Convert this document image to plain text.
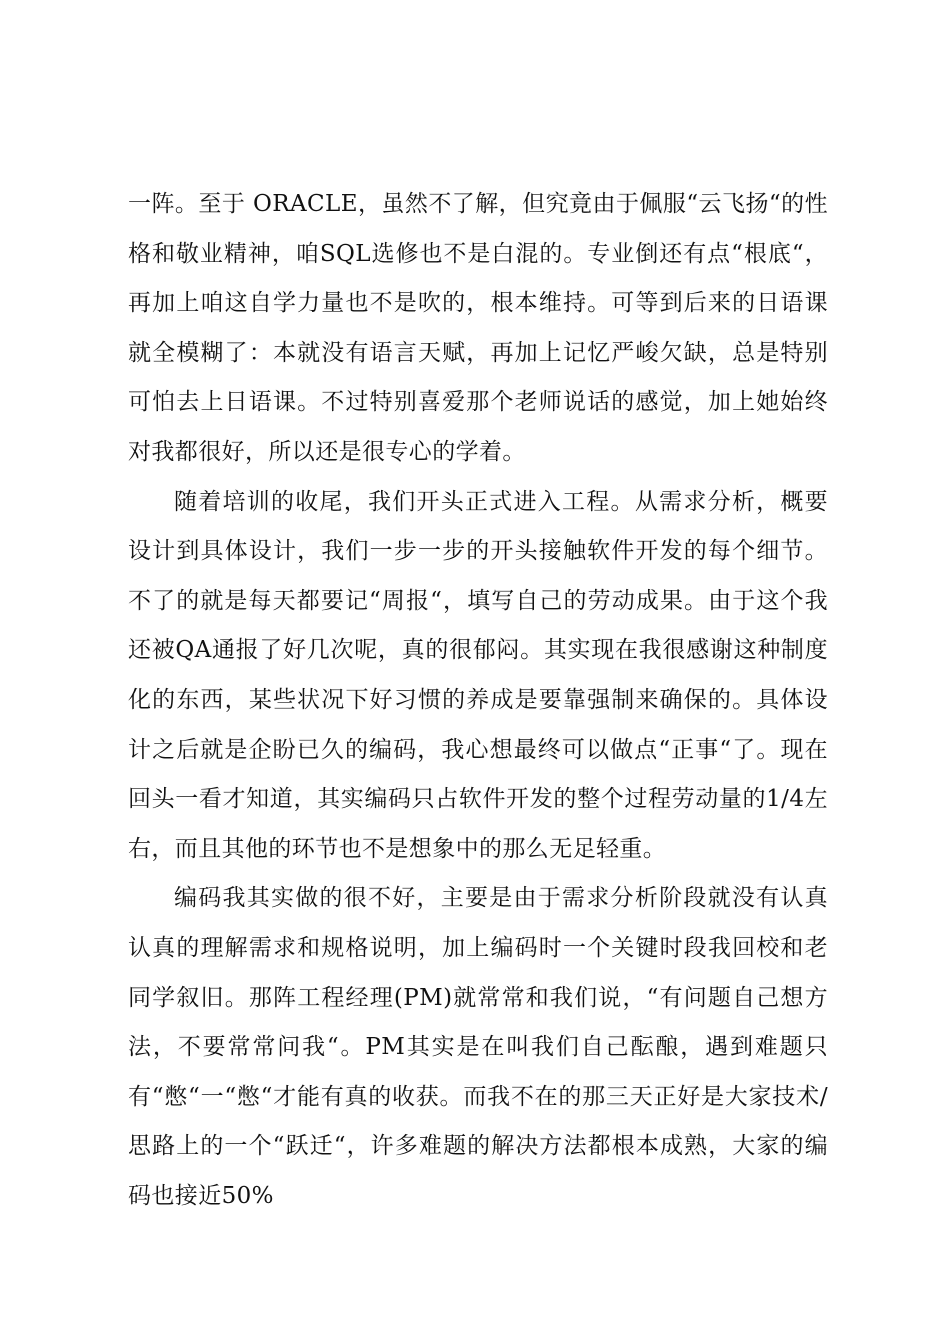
一阵。至于 ORACLE，虽然不了解，但究竟由于佩服“云飞扬“的性格和敬业精神，咱SQL选修也不是白混的。专业倒还有点“根底“，再加上咱这自学力量也不是吹的，根本维持。可等到后来的日语课就全模糊了：本就没有语言天赋，再加上记忆严峻欠缺，总是特别可怕去上日语课。不过特别喜爱那个老师说话的感觉，加上她始终对我都很好，所以还是很专心的学着。

随着培训的收尾，我们开头正式进入工程。从需求分析，概要设计到具体设计，我们一步一步的开头接触软件开发的每个细节。不了的就是每天都要记“周报“，填写自己的劳动成果。由于这个我还被QA通报了好几次呢，真的很郁闷。其实现在我很感谢这种制度化的东西，某些状况下好习惯的养成是要靠强制来确保的。具体设计之后就是企盼已久的编码，我心想最终可以做点“正事“了。现在回头一看才知道，其实编码只占软件开发的整个过程劳动量的1/4左右，而且其他的环节也不是想象中的那么无足轻重。

编码我其实做的很不好，主要是由于需求分析阶段就没有认真认真的理解需求和规格说明，加上编码时一个关键时段我回校和老同学叙旧。那阵工程经理(PM)就常常和我们说，“有问题自己想方法，不要常常问我“。PM其实是在叫我们自己酝酿，遇到难题只有“憋“一“憋“才能有真的收获。而我不在的那三天正好是大家技术/思路上的一个“跃迁“，许多难题的解决方法都根本成熟，大家的编码也接近50%
